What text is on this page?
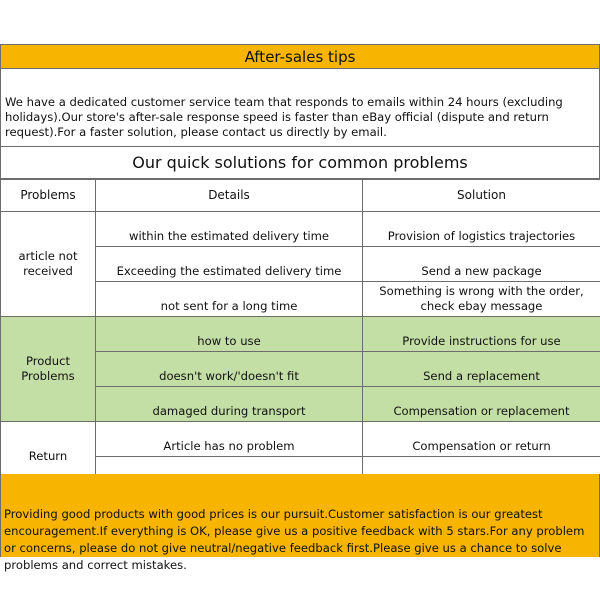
After-sales tips
We have a dedicated customer service team that responds to emails within 24 hours (excluding holidays).Our store's after-sale response speed is faster than eBay official (dispute and return request).For a faster solution, please contact us directly by email.
Our quick solutions for common problems
Problems	Details	Solution
article not received	within the estimated delivery time	Provision of logistics trajectories
	Exceeding the estimated delivery time	Send a new package
	not sent for a long time	Something is wrong with the order, check ebay message
Product Problems	how to use	Provide instructions for use
	doesn't work/'doesn't fit	Send a replacement
	damaged during transport	Compensation or replacement
Return	Article has no problem	Compensation or return

Providing good products with good prices is our pursuit.Customer satisfaction is our greatest encouragement.If everything is OK, please give us a positive feedback with 5 stars.For any problem or concerns, please do not give neutral/negative feedback first.Please give us a chance to solve problems and correct mistakes.
